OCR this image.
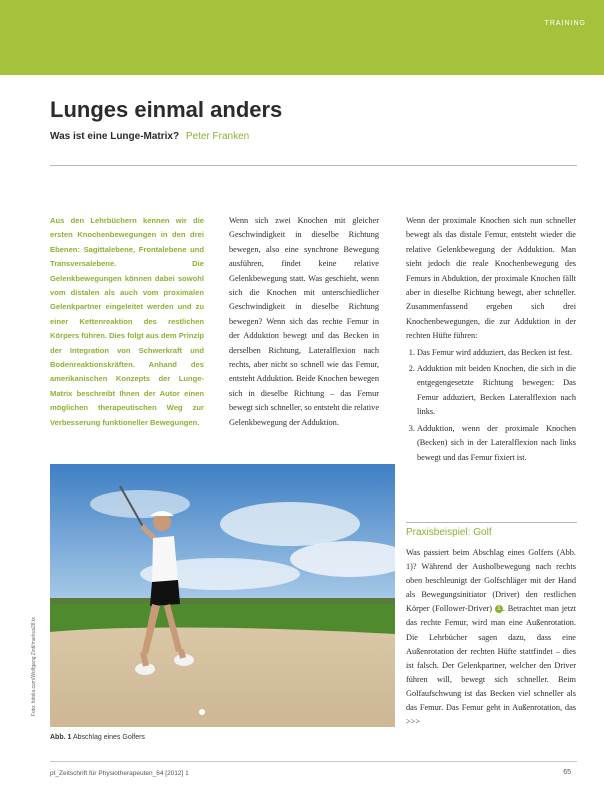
TRAINING
Lunges einmal anders
Was ist eine Lunge-Matrix? Peter Franken

Aus den Lehrbüchern kennen wir die ersten Knochenbewegungen in den drei Ebenen: Sagittalebene, Frontalebene und Transversalebene. Die Gelenkbewegungen können dabei sowohl vom distalen als auch vom proximalen Gelenkpartner eingeleitet werden und zu einer Kettenreaktion des restlichen Körpers führen. Dies folgt aus dem Prinzip der Integration von Schwerkraft und Bodenreaktionskräften. Anhand des amerikanischen Konzepts der Lunge-Matrix beschreibt Ihnen der Autor einen möglichen therapeutischen Weg zur Verbesserung funktioneller Bewegungen.

Wenn sich zwei Knochen mit gleicher Geschwindigkeit in dieselbe Richtung bewegen, also eine synchrone Bewegung ausführen, findet keine relative Gelenkbewegung statt. Was geschieht, wenn sich die Knochen mit unterschiedlicher Geschwindigkeit in dieselbe Richtung bewegen? Wenn sich das rechte Femur in der Adduktion bewegt und das Becken in derselben Richtung, Lateralflexion nach rechts, aber nicht so schnell wie das Femur, entsteht Adduktion. Beide Knochen bewegen sich in dieselbe Richtung – das Femur bewegt sich schneller, so entsteht die relative Gelenkbewegung der Adduktion.

Wenn der proximale Knochen sich nun schneller bewegt als das distale Femur, entsteht wieder die relative Gelenkbewegung der Adduktion. Man sieht jedoch die reale Knochenbewegung des Femurs in Abduktion, der proximale Knochen fällt aber in dieselbe Richtung bewegt, aber schneller. Zusammenfassend ergeben sich drei Knochenbewegungen, die zur Adduktion in der rechten Hüfte führen:

1. Das Femur wird adduziert, das Becken ist fest.
2. Adduktion mit beiden Knochen, die sich in die entgegengesetzte Richtung bewegen: Das Femur adduziert, Becken Lateralflexion nach links.
3. Adduktion, wenn der proximale Knochen (Becken) sich in der Lateralflexion nach links bewegt und das Femur fixiert ist.
Foto: fotolia.com/Wolfgang Zintl/markus28.tx
Abb. 1 Abschlag eines Golfers
Praxisbeispiel: Golf
Was passiert beim Abschlag eines Golfers (Abb. 1)? Während der Ausholbewegung nach rechts oben beschleunigt der Golfschläger mit der Hand als Bewegungsinitiator (Driver) den restlichen Körper (Follower-Driver) 1 . Betrachtet man jetzt das rechte Femur, wird man eine Außenrotation. Die Lehrbücher sagen dazu, dass eine Außenrotation der rechten Hüfte stattfindet – dies ist falsch. Der Gelenkpartner, welcher den Driver führen will, bewegt sich schneller. Beim Golfaufschwung ist das Becken viel schneller als das Femur. Das Femur geht in Außenrotation, das >>>
pt_Zeitschrift für Physiotherapeuten_64 [2012] 1	65
